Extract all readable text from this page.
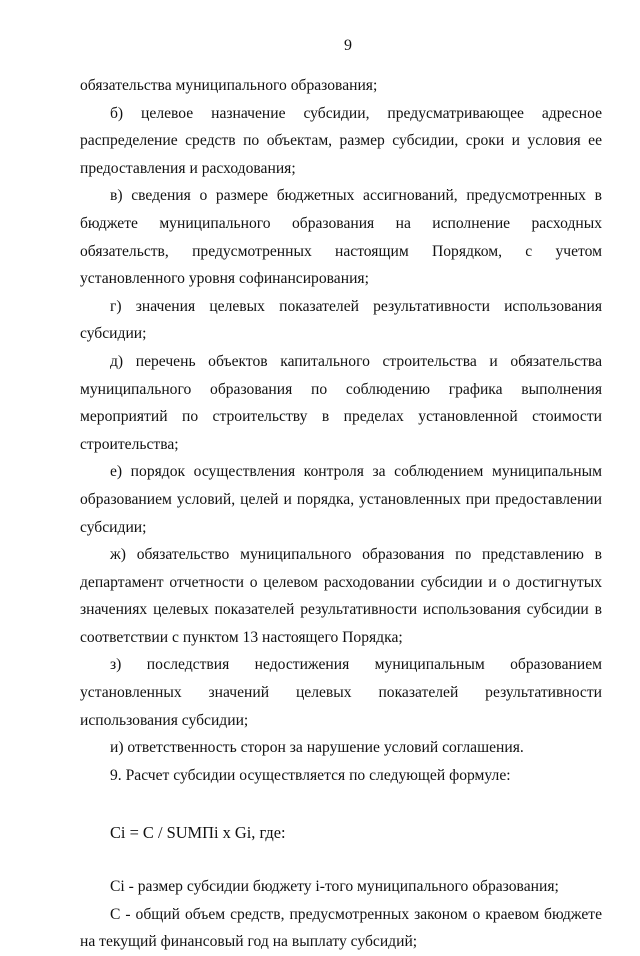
9

обязательства муниципального образования;

б) целевое назначение субсидии, предусматривающее адресное распределение средств по объектам, размер субсидии, сроки и условия ее предоставления и расходования;

в) сведения о размере бюджетных ассигнований, предусмотренных в бюджете муниципального образования на исполнение расходных обязательств, предусмотренных настоящим Порядком, с учетом установленного уровня софинансирования;

г) значения целевых показателей результативности использования субсидии;

д) перечень объектов капитального строительства и обязательства муниципального образования по соблюдению графика выполнения мероприятий по строительству в пределах установленной стоимости строительства;

е) порядок осуществления контроля за соблюдением муниципальным образованием условий, целей и порядка, установленных при предоставлении субсидии;

ж) обязательство муниципального образования по представлению в департамент отчетности о целевом расходовании субсидии и о достигнутых значениях целевых показателей результативности использования субсидии в соответствии с пунктом 13 настоящего Порядка;

з) последствия недостижения муниципальным образованием установленных значений целевых показателей результативности использования субсидии;

и) ответственность сторон за нарушение условий соглашения.

9. Расчет субсидии осуществляется по следующей формуле:

Ci = C / SUMПi x Gi, где:

Ci - размер субсидии бюджету i-того муниципального образования;

С - общий объем средств, предусмотренных законом о краевом бюджете на текущий финансовый год на выплату субсидий;
